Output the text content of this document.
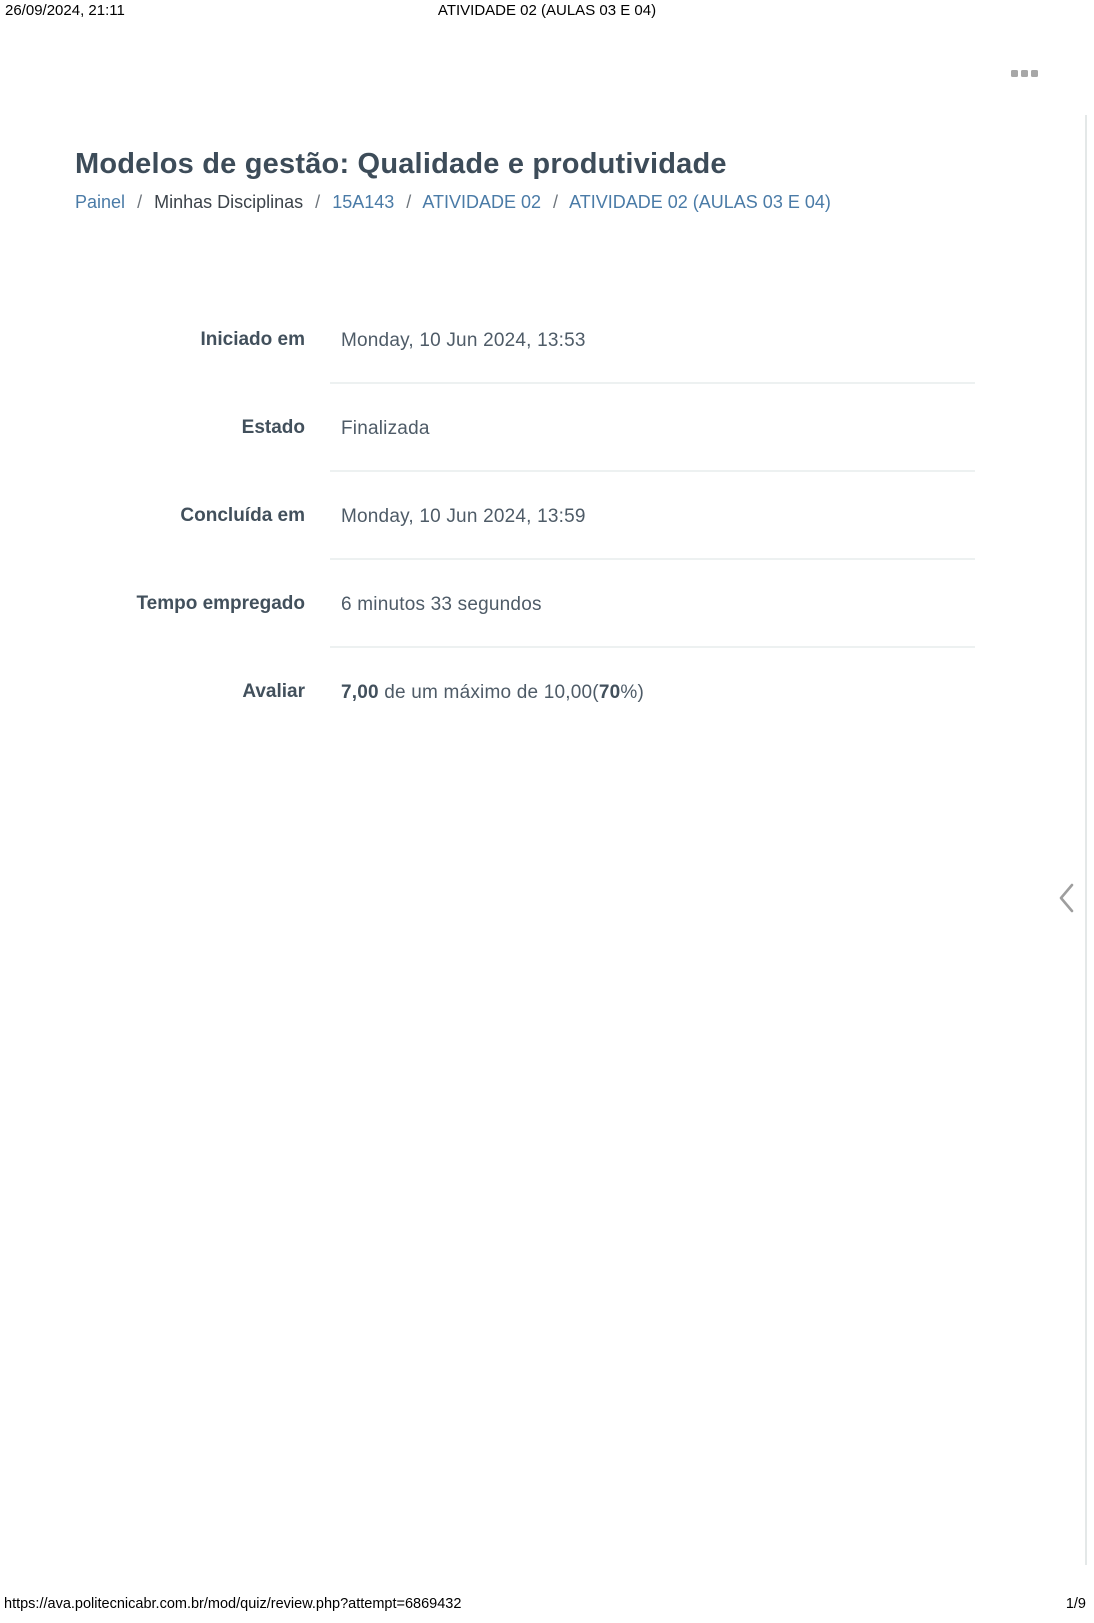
26/09/2024, 21:11	ATIVIDADE 02 (AULAS 03 E 04)
Modelos de gestão: Qualidade e produtividade
Painel / Minhas Disciplinas / 15A143 / ATIVIDADE 02 / ATIVIDADE 02 (AULAS 03 E 04)
Iniciado em Monday, 10 Jun 2024, 13:53
Estado Finalizada
Concluída em Monday, 10 Jun 2024, 13:59
Tempo empregado 6 minutos 33 segundos
Avaliar 7,00 de um máximo de 10,00(70%)
https://ava.politecnicabr.com.br/mod/quiz/review.php?attempt=6869432	1/9
